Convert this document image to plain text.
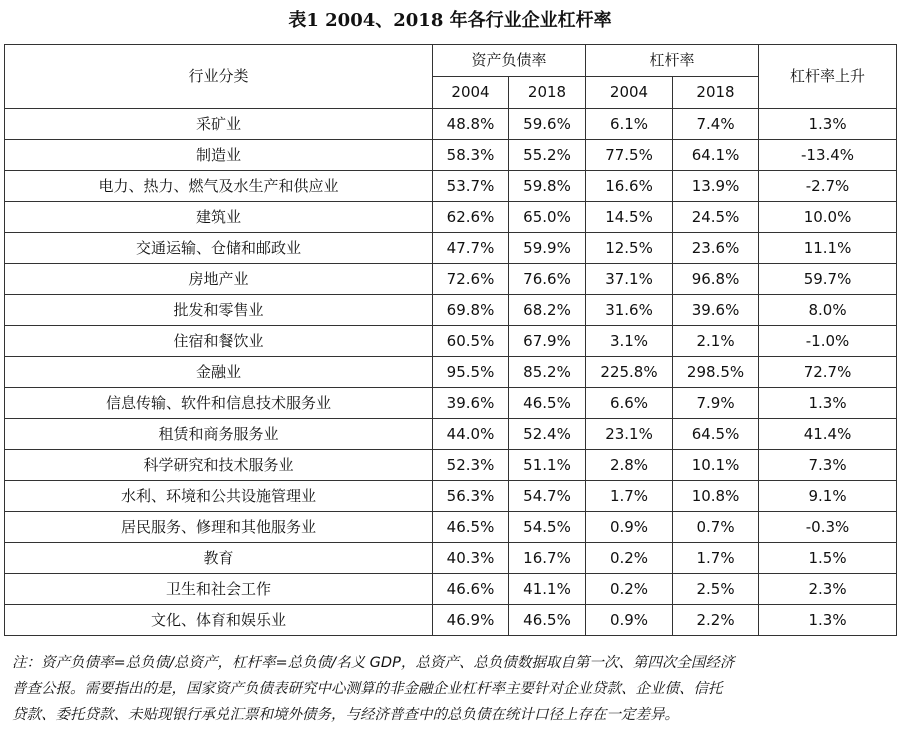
表1 2004、2018 年各行业企业杠杆率
行业分类	资产负债率		杠杆率		杠杆率上升
	2004	2018	2004	2018	
采矿业	48.8%	59.6%	6.1%	7.4%	1.3%
制造业	58.3%	55.2%	77.5%	64.1%	-13.4%
电力、热力、燃气及水生产和供应业	53.7%	59.8%	16.6%	13.9%	-2.7%
建筑业	62.6%	65.0%	14.5%	24.5%	10.0%
交通运输、仓储和邮政业	47.7%	59.9%	12.5%	23.6%	11.1%
房地产业	72.6%	76.6%	37.1%	96.8%	59.7%
批发和零售业	69.8%	68.2%	31.6%	39.6%	8.0%
住宿和餐饮业	60.5%	67.9%	3.1%	2.1%	-1.0%
金融业	95.5%	85.2%	225.8%	298.5%	72.7%
信息传输、软件和信息技术服务业	39.6%	46.5%	6.6%	7.9%	1.3%
租赁和商务服务业	44.0%	52.4%	23.1%	64.5%	41.4%
科学研究和技术服务业	52.3%	51.1%	2.8%	10.1%	7.3%
水利、环境和公共设施管理业	56.3%	54.7%	1.7%	10.8%	9.1%
居民服务、修理和其他服务业	46.5%	54.5%	0.9%	0.7%	-0.3%
教育	40.3%	16.7%	0.2%	1.7%	1.5%
卫生和社会工作	46.6%	41.1%	0.2%	2.5%	2.3%
文化、体育和娱乐业	46.9%	46.5%	0.9%	2.2%	1.3%

注：资产负债率=总负债/总资产，杠杆率=总负债/名义 GDP，总资产、总负债数据取自第一次、第四次全国经济

普查公报。需要指出的是，国家资产负债表研究中心测算的非金融企业杠杆率主要针对企业贷款、企业债、信托

贷款、委托贷款、未贴现银行承兑汇票和境外债务，与经济普查中的总负债在统计口径上存在一定差异。
